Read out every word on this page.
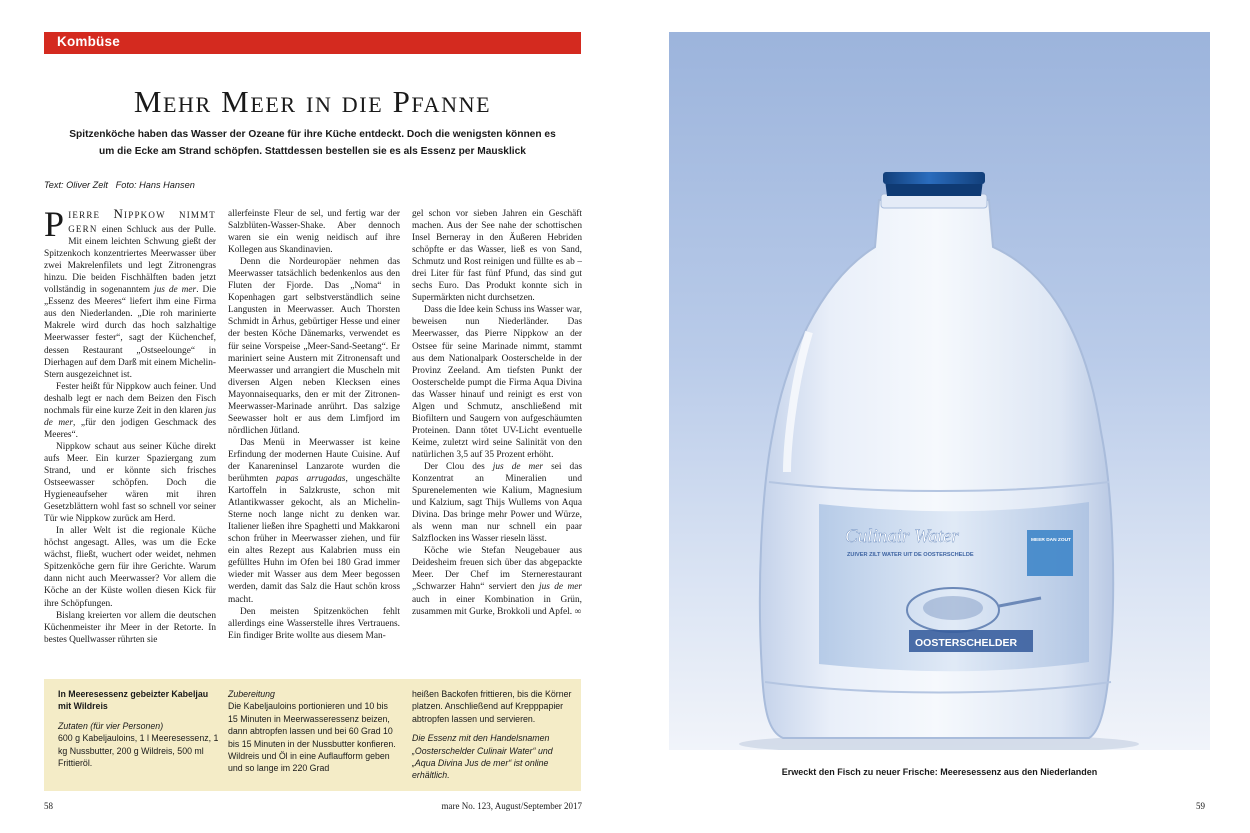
Kombüse
Mehr Meer in die Pfanne
Spitzenköche haben das Wasser der Ozeane für ihre Küche entdeckt. Doch die wenigsten können es
um die Ecke am Strand schöpfen. Stattdessen bestellen sie es als Essenz per Mausklick
Text: Oliver Zelt   Foto: Hans Hansen

Pierre Nippkow nimmt gern einen Schluck aus der Pulle. Mit einem leichten Schwung gießt der Spitzenkoch konzentriertes Meerwasser über zwei Makrelenfilets und legt Zitronengras hinzu. Die beiden Fischhälften baden jetzt vollständig in sogenanntem jus de mer. Die „Essenz des Meeres“ liefert ihm eine Firma aus den Niederlanden. „Die roh marinierte Makrele wird durch das hoch salzhaltige Meerwasser fester“, sagt der Küchenchef, dessen Restaurant „Ostseelounge“ in Dierhagen auf dem Darß mit einem Michelin-Stern ausgezeichnet ist.

Fester heißt für Nippkow auch feiner. Und deshalb legt er nach dem Beizen den Fisch nochmals für eine kurze Zeit in den klaren jus de mer, „für den jodigen Geschmack des Meeres“.

Nippkow schaut aus seiner Küche direkt aufs Meer. Ein kurzer Spaziergang zum Strand, und er könnte sich frisches Ostseewasser schöpfen. Doch die Hygieneaufseher wären mit ihren Gesetzblättern wohl fast so schnell vor seiner Tür wie Nippkow zurück am Herd.

In aller Welt ist die regionale Küche höchst angesagt. Alles, was um die Ecke wächst, fließt, wuchert oder weidet, nehmen Spitzenköche gern für ihre Gerichte. Warum dann nicht auch Meerwasser? Vor allem die Köche an der Küste wollen diesen Kick für ihre Schöpfungen.

Bislang kreierten vor allem die deutschen Küchenmeister ihr Meer in der Retorte. In bestes Quellwasser rührten sie

allerfeinste Fleur de sel, und fertig war der Salzblüten-Wasser-Shake. Aber dennoch waren sie ein wenig neidisch auf ihre Kollegen aus Skandinavien.

Denn die Nordeuropäer nehmen das Meerwasser tatsächlich bedenkenlos aus den Fluten der Fjorde. Das „Noma“ in Kopenhagen gart selbstverständlich seine Langusten in Meerwasser. Auch Thorsten Schmidt in Århus, gebürtiger Hesse und einer der besten Köche Dänemarks, verwendet es für seine Vorspeise „Meer-Sand-Seetang“. Er mariniert seine Austern mit Zitronensaft und Meerwasser und arrangiert die Muscheln mit diversen Algen neben Klecksen eines Mayonnaisequarks, den er mit der Zitronen-Meerwasser-Marinade anrührt. Das salzige Seewasser holt er aus dem Limfjord im nördlichen Jütland.

Das Menü in Meerwasser ist keine Erfindung der modernen Haute Cuisine. Auf der Kanareninsel Lanzarote wurden die berühmten papas arrugadas, ungeschälte Kartoffeln in Salzkruste, schon mit Atlantikwasser gekocht, als an Michelin-Sterne noch lange nicht zu denken war. Italiener ließen ihre Spaghetti und Makkaroni schon früher in Meerwasser ziehen, und für ein altes Rezept aus Kalabrien muss ein gefülltes Huhn im Ofen bei 180 Grad immer wieder mit Wasser aus dem Meer begossen werden, damit das Salz die Haut schön kross macht.

Den meisten Spitzenköchen fehlt allerdings eine Wasserstelle ihres Vertrauens. Ein findiger Brite wollte aus diesem Man-

gel schon vor sieben Jahren ein Geschäft machen. Aus der See nahe der schottischen Insel Berneray in den Äußeren Hebriden schöpfte er das Wasser, ließ es von Sand, Schmutz und Rost reinigen und füllte es ab – drei Liter für fast fünf Pfund, das sind gut sechs Euro. Das Produkt konnte sich in Supermärkten nicht durchsetzen.

Dass die Idee kein Schuss ins Wasser war, beweisen nun Niederländer. Das Meerwasser, das Pierre Nippkow an der Ostsee für seine Marinade nimmt, stammt aus dem Nationalpark Oosterschelde in der Provinz Zeeland. Am tiefsten Punkt der Oosterschelde pumpt die Firma Aqua Divina das Wasser hinauf und reinigt es erst von Algen und Schmutz, anschließend mit Biofiltern und Saugern von aufgeschäumten Proteinen. Dann tötet UV-Licht eventuelle Keime, zuletzt wird seine Salinität von den natürlichen 3,5 auf 35 Prozent erhöht.

Der Clou des jus de mer sei das Konzentrat an Mineralien und Spurenelementen wie Kalium, Magnesium und Kalzium, sagt Thijs Wullems von Aqua Divina. Das bringe mehr Power und Würze, als wenn man nur schnell ein paar Salzflocken ins Wasser rieseln lässt.

Köche wie Stefan Neugebauer aus Deidesheim freuen sich über das abgepackte Meer. Der Chef im Sternerestaurant „Schwarzer Hahn“ serviert den jus de mer auch in einer Kombination in Grün, zusammen mit Gurke, Brokkoli und Apfel. ∞

In Meeresessenz gebeizter Kabeljau mit Wildreis

Zutaten (für vier Personen)
600 g Kabeljauloins, 1 l Meeresessenz, 1 kg Nussbutter, 200 g Wildreis, 500 ml Frittieröl.
Zubereitung
Die Kabeljauloins portionieren und 10 bis 15 Minuten in Meerwasseressenz beizen, dann abtropfen lassen und bei 60 Grad 10 bis 15 Minuten in der Nussbutter konfieren. Wildreis und Öl in eine Auflaufform geben und so lange im 220 Grad

heißen Backofen frittieren, bis die Körner platzen. Anschließend auf Krepppapier abtropfen lassen und servieren.

Die Essenz mit den Handelsnamen „Oosterschelder Culinair Water“ und „Aqua Divina Jus de mer“ ist online erhältlich.
58	mare No. 123, August/September 2017
Culinair Water
ZUIVER ZILT WATER UIT DE OOSTERSCHELDE
MEER DAN ZOUT
OOSTERSCHELDER
Erweckt den Fisch zu neuer Frische: Meeresessenz aus den Niederlanden
59
